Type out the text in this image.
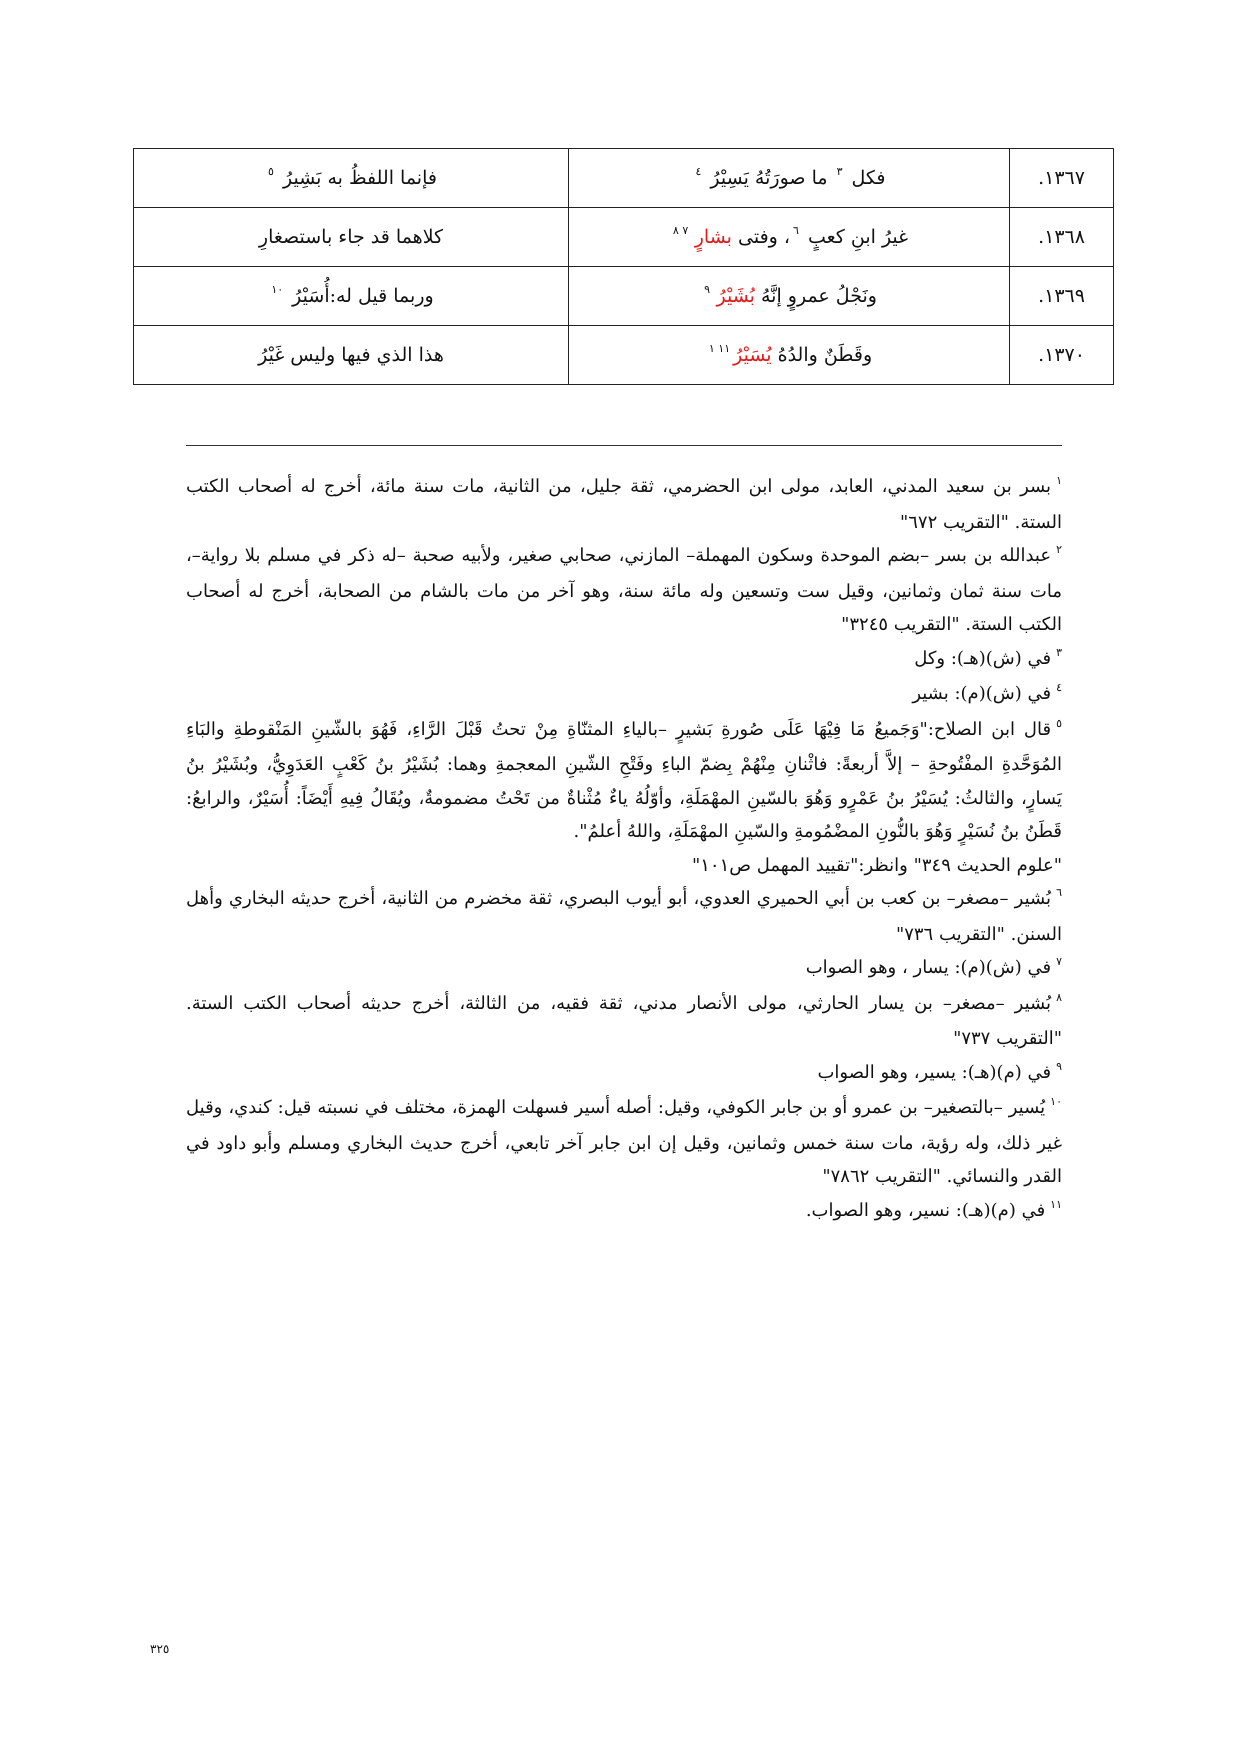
١٣٦٧.	فكل $^٣$ ما صورَتُهُ يَسِيْرُ $^٤$	فإنما اللفظُ به بَشِيرُ $^٥$
١٣٦٨.	غيرُ ابنِ كعبٍ $^٦$، وفتى بشارٍ $^{٧ ٨}$	كلاهما قد جاء باستصغارِ
١٣٦٩.	ونَجْلُ عمروٍ إنَّهُ بُشَيْرُ $^٩$	وربما قيل له:أُسَيْرُ $^{١٠}$
١٣٧٠.	وقَطَنٌ والدُهُ يُسَيْرُ$^{١١ ١}$	هذا الذي فيها وليس غَيْرُ

$^١$بسر بن سعيد المدني، العابد، مولى ابن الحضرمي، ثقة جليل، من الثانية، مات سنة مائة، أخرج له أصحاب الكتب الستة. "التقريب ٦٧٢"

$^٢$عبدالله بن بسر –بضم الموحدة وسكون المهملة– المازني، صحابي صغير، ولأبيه صحبة –له ذكر في مسلم بلا رواية–، مات سنة ثمان وثمانين، وقيل ست وتسعين وله مائة سنة، وهو آخر من مات بالشام من الصحابة، أخرج له أصحاب الكتب الستة. "التقريب ٣٢٤٥"

$^٣$في (ش)(هـ): وكل

$^٤$في (ش)(م): بشير

$^٥$قال ابن الصلاح:"وَجَميعُ مَا فِيْهَا عَلَى صُورةِ بَشيرٍ –بالياءِ المثنّاةِ مِنْ تحتُ قَبْلَ الرَّاءِ، فَهُوَ بالشّينِ المَنْقوطةِ والبَاءِ المُوَحَّدةِ المفْتُوحةِ – إلاَّ أربعةً: فاثْنانِ مِنْهُمْ بِضمّ الباءِ وفَتْحِ الشّينِ المعجمةِ وهما: بُشَيْرُ بنُ كَعْبٍ العَدَوِيُّ، وبُشَيْرُ بنُ يَسارٍ، والثالثُ: يُسَيْرُ بنُ عَمْرٍو وَهُوَ بالسّينِ المهْمَلَةِ، وأوّلُهُ ياءٌ مُثْناةٌ من تَحْتُ مضمومةٌ، ويُقَالُ فِيهِ أَيْضَاً: أُسَيْرٌ، والرابعُ: قَطَنُ بنُ نُسَيْرٍ وَهُوَ بالنُّونِ المضْمُومةِ والسّينِ المهْمَلَةِ، واللهُ أعلمُ".

"علوم الحديث ٣٤٩" وانظر:"تقييد المهمل ص١٠١"

$^٦$بُشير –مصغر– بن كعب بن أبي الحميري العدوي، أبو أيوب البصري، ثقة مخضرم من الثانية، أخرج حديثه البخاري وأهل السنن. "التقريب ٧٣٦"

$^٧$في (ش)(م): يسار ، وهو الصواب

$^٨$بُشير –مصغر– بن يسار الحارثي، مولى الأنصار مدني، ثقة فقيه، من الثالثة، أخرج حديثه أصحاب الكتب الستة. "التقريب ٧٣٧"

$^٩$في (م)(هـ): يسير، وهو الصواب

$^{١٠}$يُسير –بالتصغير– بن عمرو أو بن جابر الكوفي، وقيل: أصله أسير فسهلت الهمزة، مختلف في نسبته قيل: كندي، وقيل غير ذلك، وله رؤية، مات سنة خمس وثمانين، وقيل إن ابن جابر آخر تابعي، أخرج حديث البخاري ومسلم وأبو داود في القدر والنسائي. "التقريب ٧٨٦٢"

$^{١١}$في (م)(هـ): نسير، وهو الصواب.

٣٢٥
